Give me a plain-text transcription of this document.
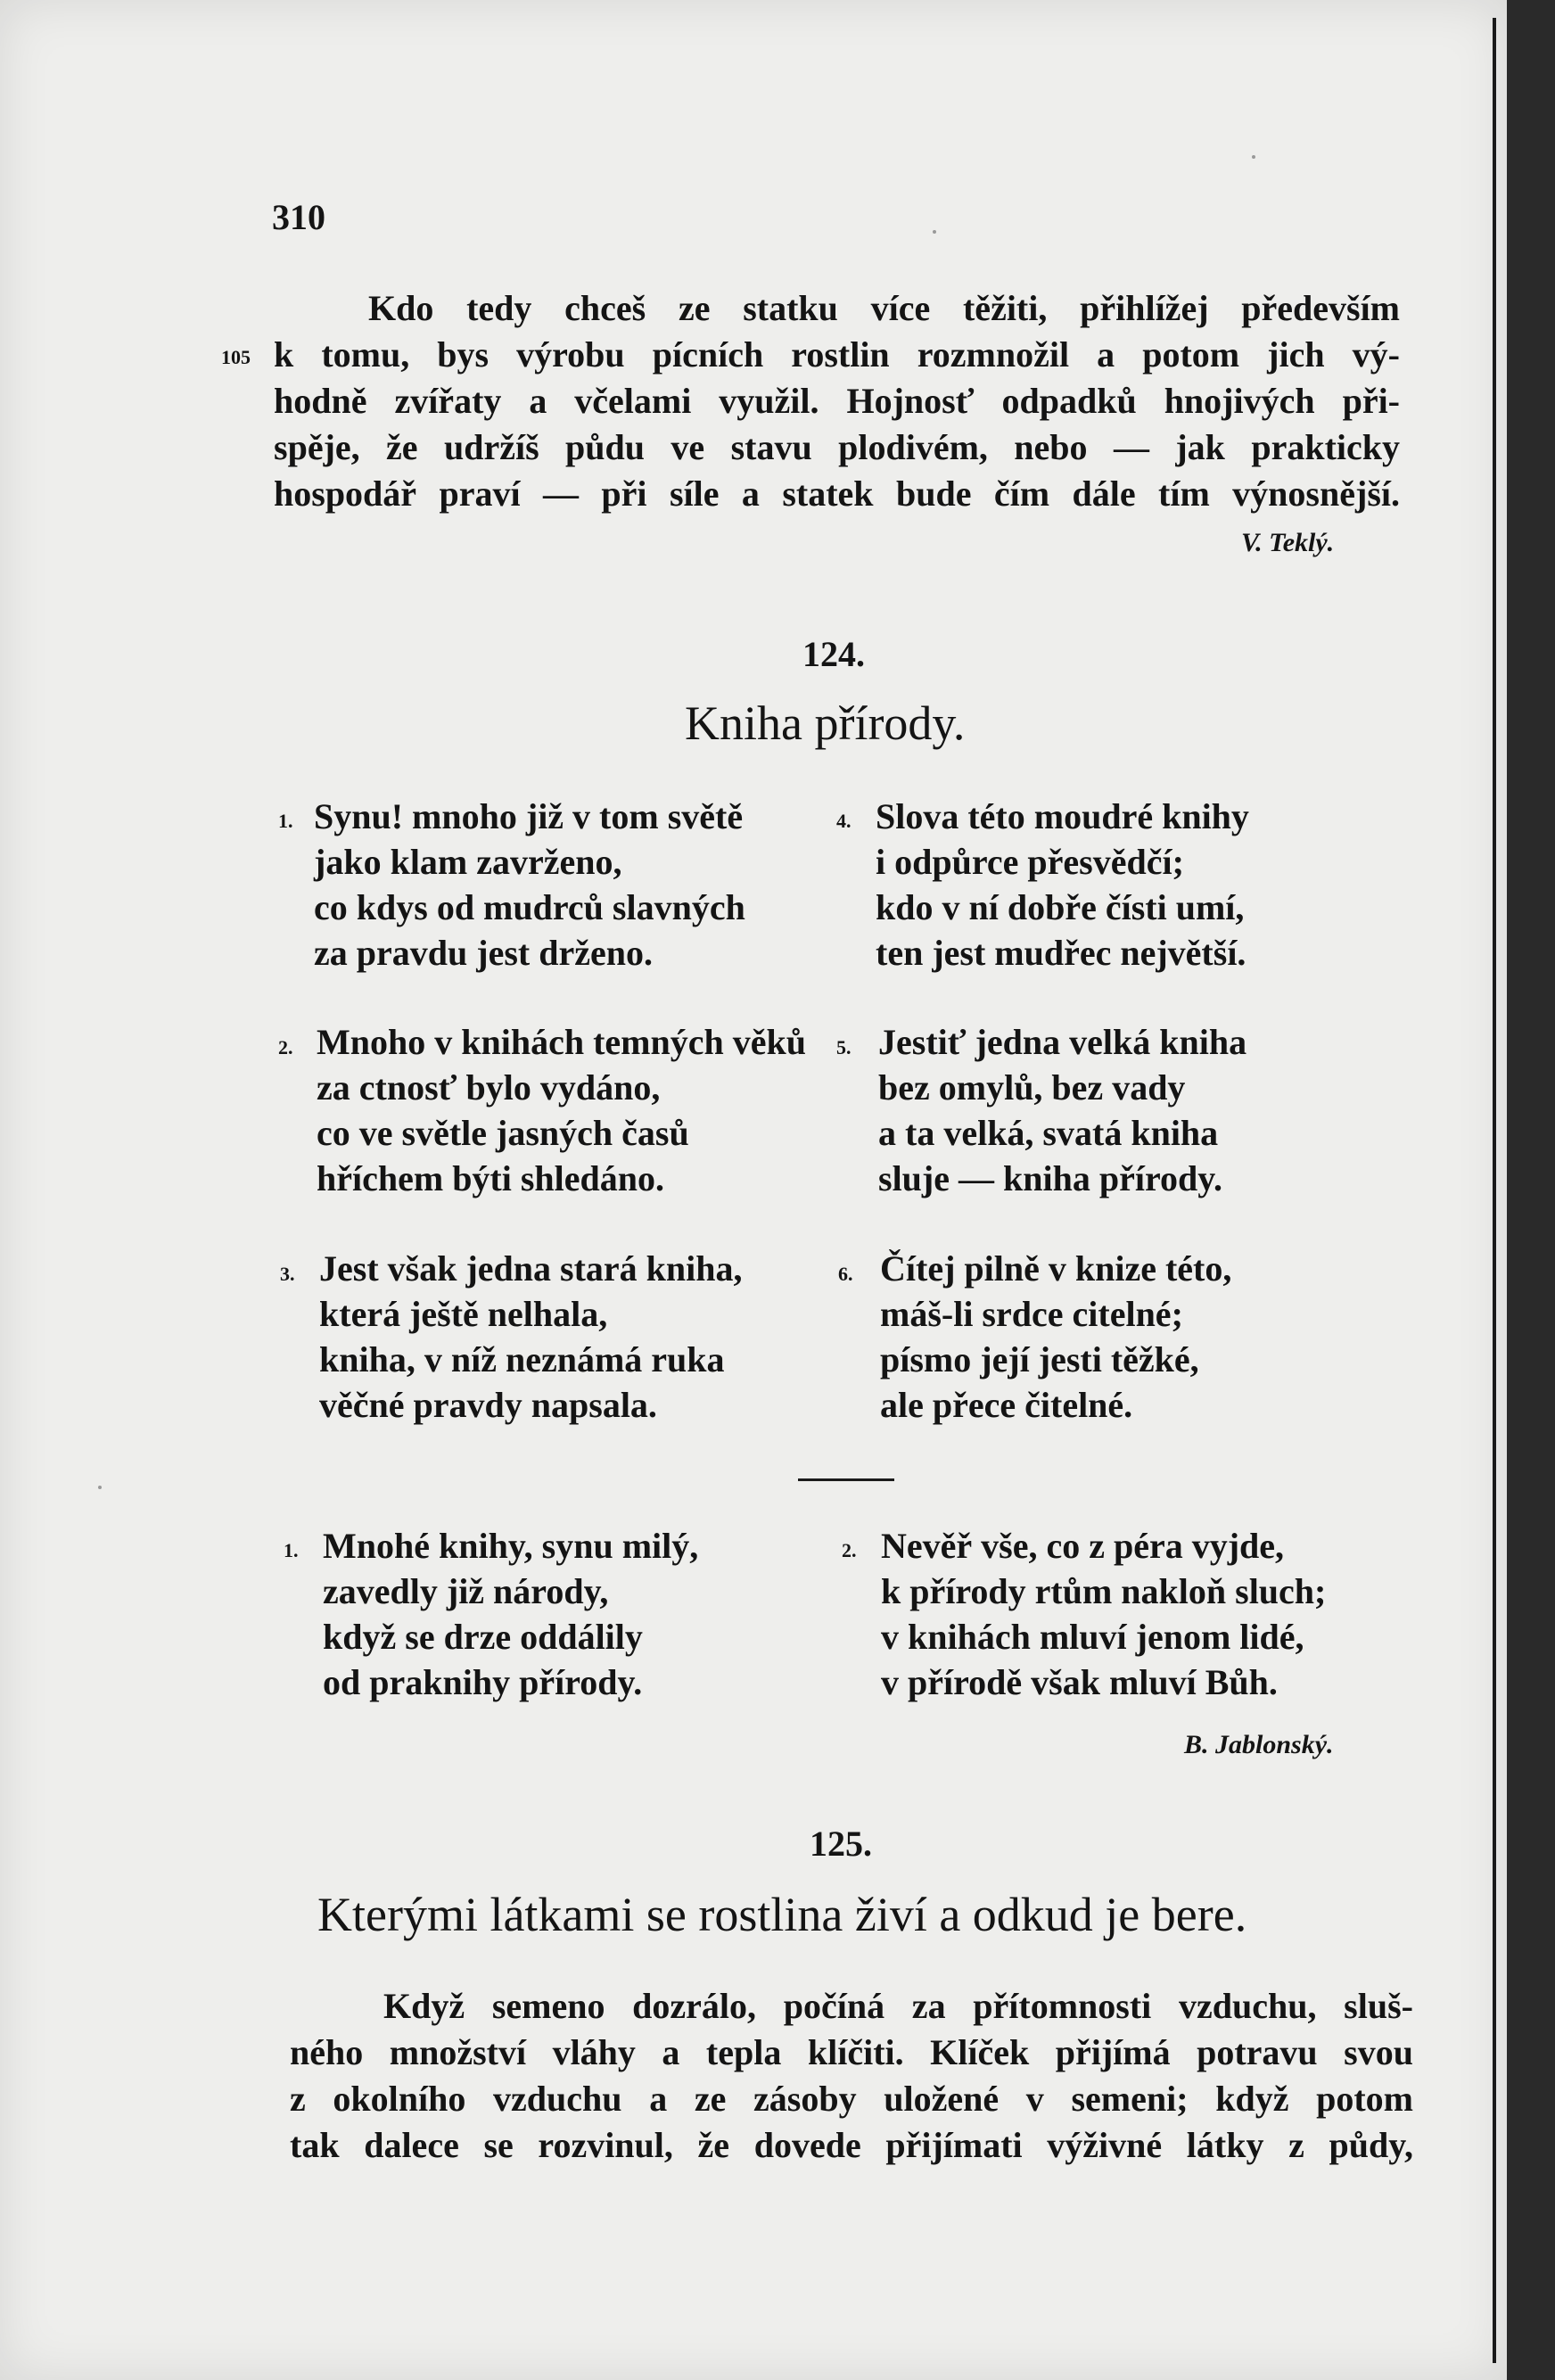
310
105
Kdo tedy chceš ze statku více těžiti, přihlížej především
k tomu, bys výrobu pícních rostlin rozmnožil a potom jich vý-
hodně zvířaty a včelami využil. Hojnosť odpadků hnojivých při-
spěje, že udržíš půdu ve stavu plodivém, nebo — jak prakticky
hospodář praví — při síle a statek bude čím dále tím výnosnější.
V. Teklý.
124.
Kniha přírody.
1. Synu! mnoho již v tom světě
jako klam zavrženo,
co kdys od mudrců slavných
za pravdu jest drženo.
2. Mnoho v knihách temných věků
za ctnosť bylo vydáno,
co ve světle jasných časů
hříchem býti shledáno.
3. Jest však jedna stará kniha,
která ještě nelhala,
kniha, v níž neznámá ruka
věčné pravdy napsala.
4. Slova této moudré knihy
i odpůrce přesvědčí;
kdo v ní dobře čísti umí,
ten jest mudřec největší.
5. Jestiť jedna velká kniha
bez omylů, bez vady
a ta velká, svatá kniha
sluje — kniha přírody.
6. Čítej pilně v knize této,
máš-li srdce citelné;
písmo její jesti těžké,
ale přece čitelné.
1. Mnohé knihy, synu milý,
zavedly již národy,
když se drze oddálily
od praknihy přírody.
2. Nevěř vše, co z péra vyjde,
k přírody rtům nakloň sluch;
v knihách mluví jenom lidé,
v přírodě však mluví Bůh.
B. Jablonský.
125.
Kterými látkami se rostlina živí a odkud je bere.
Když semeno dozrálo, počíná za přítomnosti vzduchu, sluš-
ného množství vláhy a tepla klíčiti. Klíček přijímá potravu svou
z okolního vzduchu a ze zásoby uložené v semeni; když potom
tak dalece se rozvinul, že dovede přijímati výživné látky z půdy,
